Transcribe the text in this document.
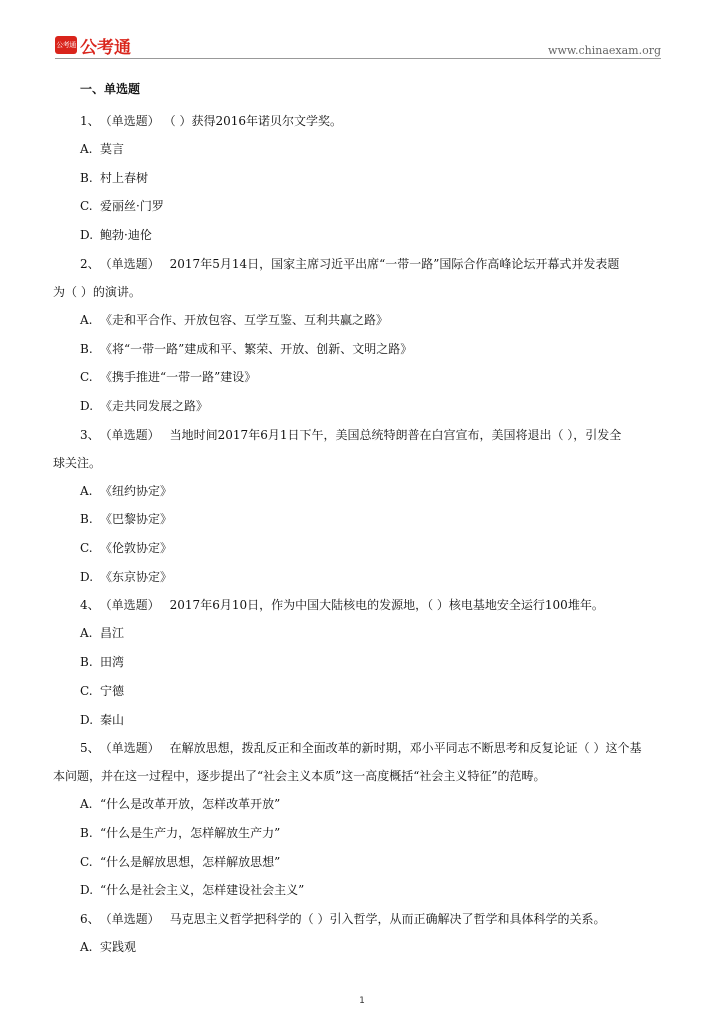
公考通 公考通	www.chinaexam.org
一、单选题
1、 （单选题） （ ）获得2016年诺贝尔文学奖。
A. 莫言
B. 村上春树
C. 爱丽丝·门罗
D. 鲍勃·迪伦
2、 （单选题） 2017年5月14日，国家主席习近平出席“一带一路”国际合作高峰论坛开幕式并发表题
为（ ）的演讲。
A. 《走和平合作、开放包容、互学互鉴、互利共赢之路》
B. 《将“一带一路”建成和平、繁荣、开放、创新、文明之路》
C. 《携手推进“一带一路”建设》
D. 《走共同发展之路》
3、 （单选题） 当地时间2017年6月1日下午，美国总统特朗普在白宫宣布，美国将退出（ ），引发全
球关注。
A. 《纽约协定》
B. 《巴黎协定》
C. 《伦敦协定》
D. 《东京协定》
4、 （单选题） 2017年6月10日，作为中国大陆核电的发源地，（ ）核电基地安全运行100堆年。
A. 昌江
B. 田湾
C. 宁德
D. 秦山
5、 （单选题） 在解放思想，拨乱反正和全面改革的新时期，邓小平同志不断思考和反复论证（ ）这个基
本问题，并在这一过程中，逐步提出了“社会主义本质”这一高度概括“社会主义特征”的范畴。
A. “什么是改革开放，怎样改革开放”
B. “什么是生产力，怎样解放生产力”
C. “什么是解放思想，怎样解放思想”
D. “什么是社会主义，怎样建设社会主义”
6、 （单选题） 马克思主义哲学把科学的（ ）引入哲学，从而正确解决了哲学和具体科学的关系。
A. 实践观
1
